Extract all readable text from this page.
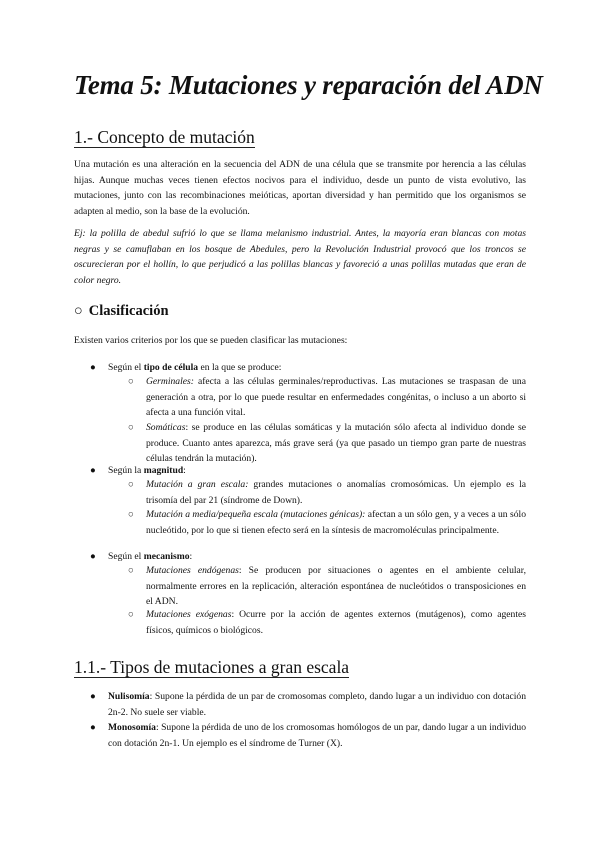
Tema 5: Mutaciones y reparación del ADN
1.- Concepto de mutación

Una mutación es una alteración en la secuencia del ADN de una célula que se transmite por herencia a las células hijas. Aunque muchas veces tienen efectos nocivos para el individuo, desde un punto de vista evolutivo, las mutaciones, junto con las recombinaciones meióticas, aportan diversidad y han permitido que los organismos se adapten al medio, son la base de la evolución.

Ej: la polilla de abedul sufrió lo que se llama melanismo industrial. Antes, la mayoría eran blancas con motas negras y se camuflaban en los bosque de Abedules, pero la Revolución Industrial provocó que los troncos se oscurecieran por el hollín, lo que perjudicó a las polillas blancas y favoreció a unas polillas mutadas que eran de color negro.

○ Clasificación

Existen varios criterios por los que se pueden clasificar las mutaciones:

● Según el tipo de célula en la que se produce:
○ Germinales: afecta a las células germinales/reproductivas. Las mutaciones se traspasan de una generación a otra, por lo que puede resultar en enfermedades congénitas, o incluso a un aborto si afecta a una función vital.
○ Somáticas: se produce en las células somáticas y la mutación sólo afecta al individuo donde se produce. Cuanto antes aparezca, más grave será (ya que pasado un tiempo gran parte de nuestras células tendrán la mutación).
● Según la magnitud:
○ Mutación a gran escala: grandes mutaciones o anomalías cromosómicas. Un ejemplo es la trisomía del par 21 (síndrome de Down).
○ Mutación a media/pequeña escala (mutaciones génicas): afectan a un sólo gen, y a veces a un sólo nucleótido, por lo que si tienen efecto será en la síntesis de macromoléculas principalmente.
● Según el mecanismo:
○ Mutaciones endógenas: Se producen por situaciones o agentes en el ambiente celular, normalmente errores en la replicación, alteración espontánea de nucleótidos o transposiciones en el ADN.
○ Mutaciones exógenas: Ocurre por la acción de agentes externos (mutágenos), como agentes físicos, químicos o biológicos.
1.1.- Tipos de mutaciones a gran escala
● Nulisomía: Supone la pérdida de un par de cromosomas completo, dando lugar a un individuo con dotación 2n-2. No suele ser viable.
● Monosomía: Supone la pérdida de uno de los cromosomas homólogos de un par, dando lugar a un individuo con dotación 2n-1. Un ejemplo es el síndrome de Turner (X).
